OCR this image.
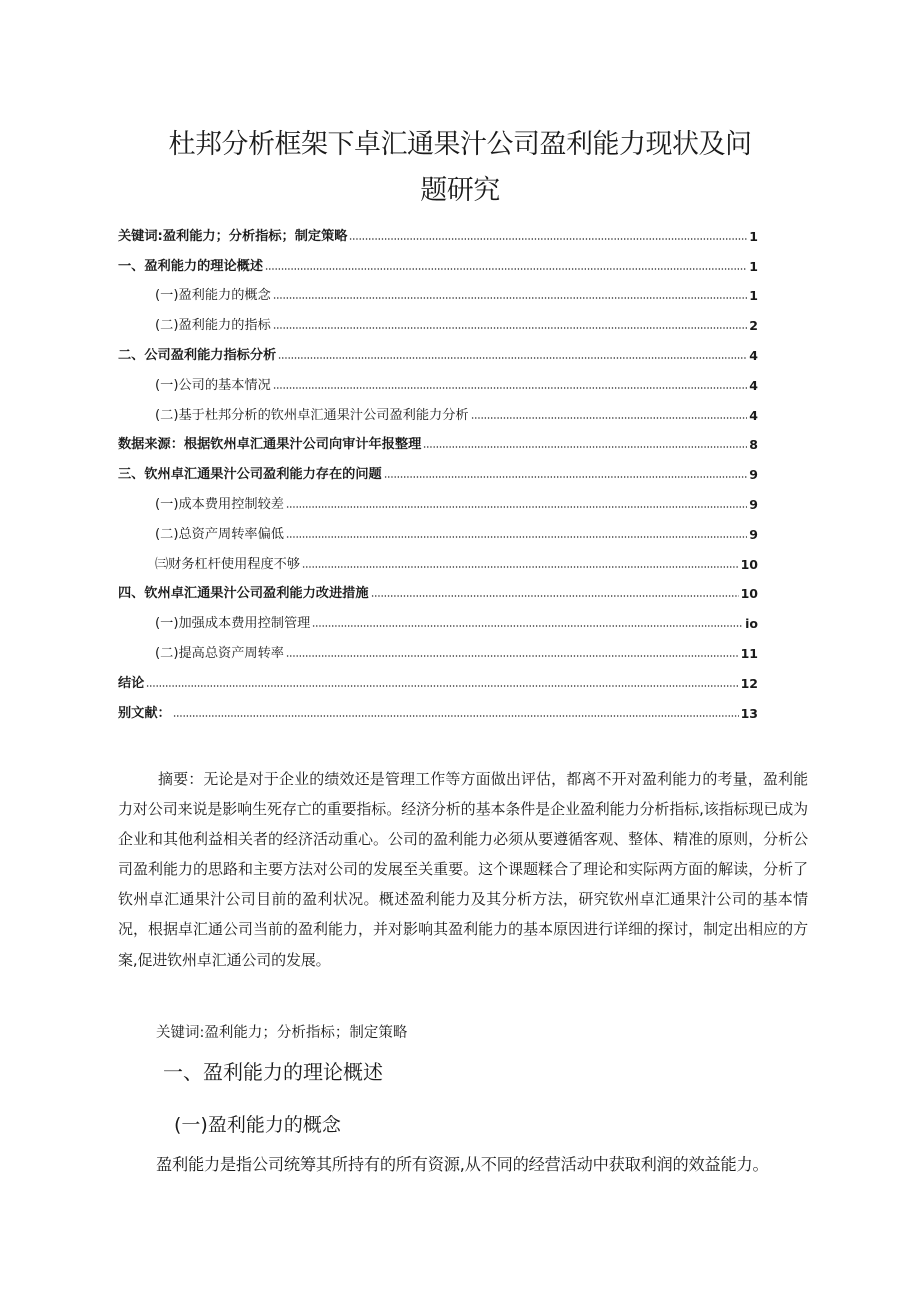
杜邦分析框架下卓汇通果汁公司盈利能力现状及问
题研究
关键词:盈利能力；分析指标；制定策略	1
一、盈利能力的理论概述	1
(一)盈利能力的概念	1
(二)盈利能力的指标	2
二、公司盈利能力指标分析	4
(一)公司的基本情况	4
(二)基于杜邦分析的钦州卓汇通果汁公司盈利能力分析	4
数据来源：根据钦州卓汇通果汁公司向审计年报整理	8
三、钦州卓汇通果汁公司盈利能力存在的问题	9
(一)成本费用控制较差	9
(二)总资产周转率偏低	9
㈢财务杠杆使用程度不够	10
四、钦州卓汇通果汁公司盈利能力改进措施	10
(一)加强成本费用控制管理	io
(二)提高总资产周转率	11
结论	12
别文献：	13

摘要：无论是对于企业的绩效还是管理工作等方面做出评估，都离不开对盈利能力的考量，盈利能力对公司来说是影响生死存亡的重要指标。经济分析的基本条件是企业盈利能力分析指标,该指标现已成为企业和其他利益相关者的经济活动重心。公司的盈利能力必须从要遵循客观、整体、精准的原则，分析公司盈利能力的思路和主要方法对公司的发展至关重要。这个课题糅合了理论和实际两方面的解读，分析了钦州卓汇通果汁公司目前的盈利状况。概述盈利能力及其分析方法，研究钦州卓汇通果汁公司的基本情况，根据卓汇通公司当前的盈利能力，并对影响其盈利能力的基本原因进行详细的探讨，制定出相应的方案,促进钦州卓汇通公司的发展。

关键词:盈利能力；分析指标；制定策略

一、盈利能力的理论概述
(一)盈利能力的概念

盈利能力是指公司统筹其所持有的所有资源,从不同的经营活动中获取利润的效益能力。
